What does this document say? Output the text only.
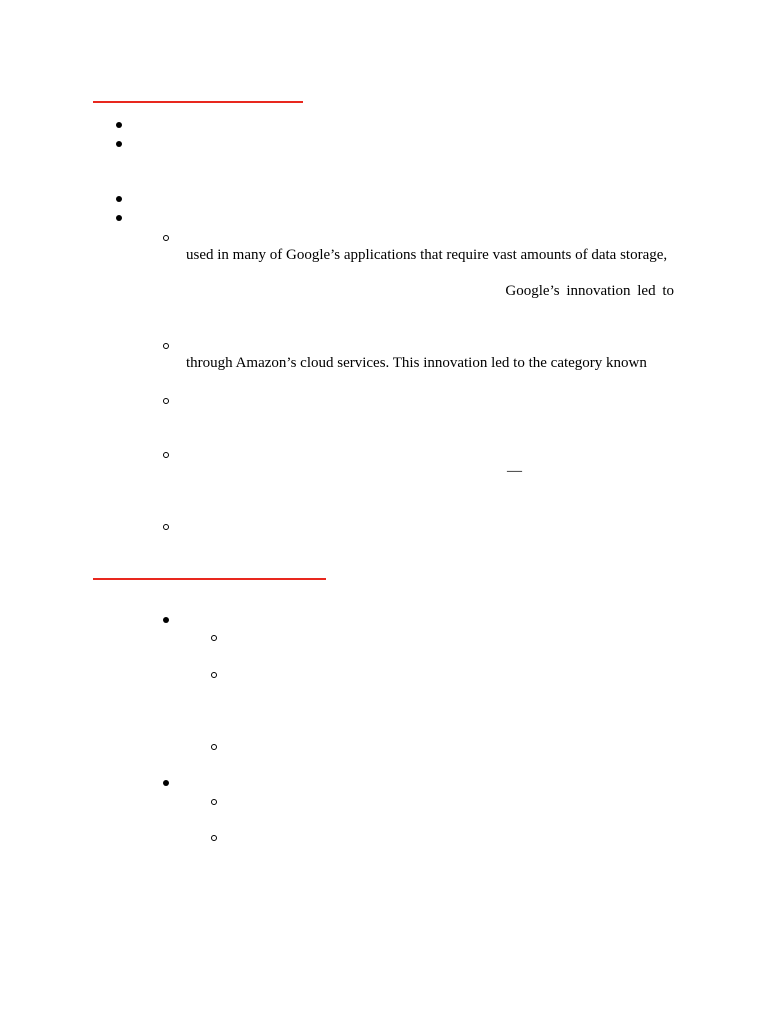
used in many of Google’s applications that require vast amounts of data storage,
Google’s innovation led to
through Amazon’s cloud services. This innovation led to the category known
—
